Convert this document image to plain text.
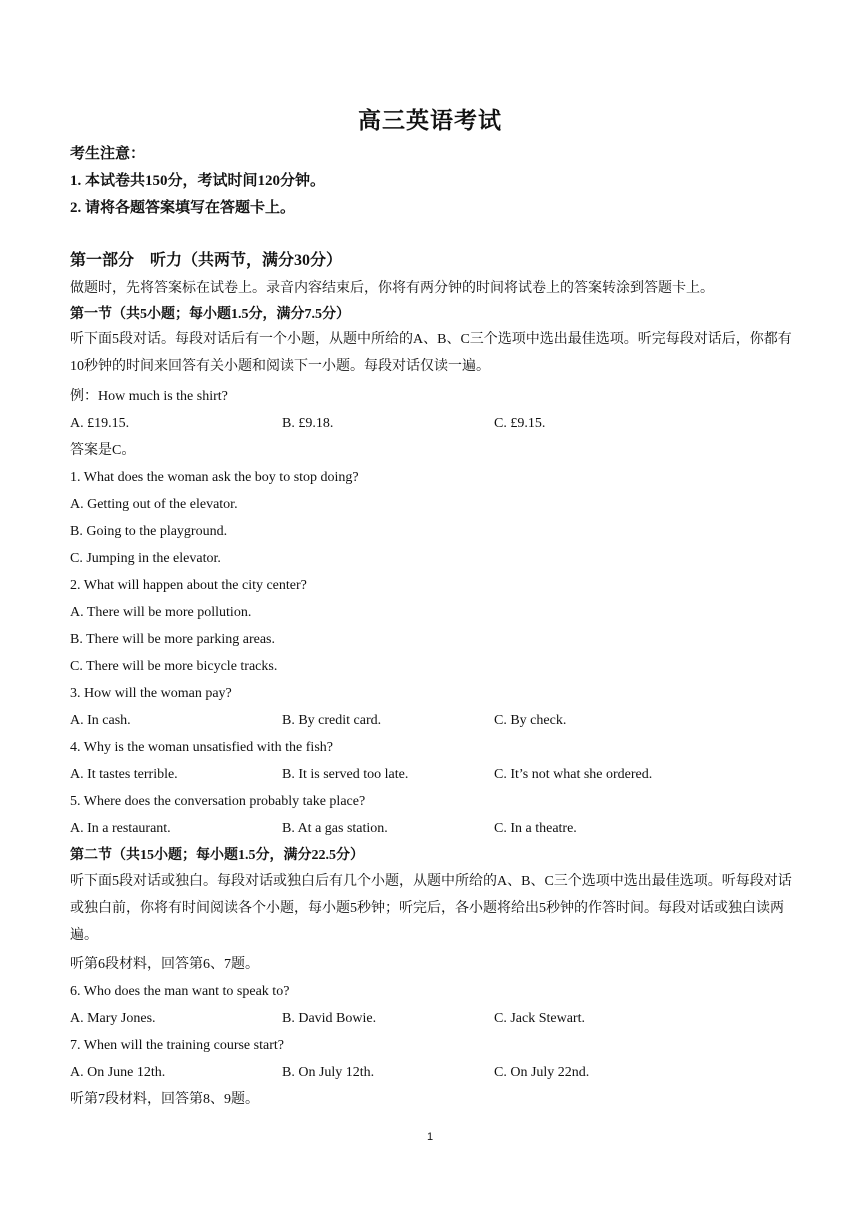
高三英语考试
考生注意：
1. 本试卷共150分，考试时间120分钟。
2. 请将各题答案填写在答题卡上。
第一部分　听力（共两节，满分30分）
做题时，先将答案标在试卷上。录音内容结束后，你将有两分钟的时间将试卷上的答案转涂到答题卡上。
第一节（共5小题；每小题1.5分，满分7.5分）
听下面5段对话。每段对话后有一个小题，从题中所给的A、B、C三个选项中选出最佳选项。听完每段对话后，你都有10秒钟的时间来回答有关小题和阅读下一小题。每段对话仅读一遍。
例：How much is the shirt?
A. £19.15.	B. £9.18.	C. £9.15.
答案是C。
1. What does the woman ask the boy to stop doing?
A. Getting out of the elevator.
B. Going to the playground.
C. Jumping in the elevator.
2. What will happen about the city center?
A. There will be more pollution.
B. There will be more parking areas.
C. There will be more bicycle tracks.
3. How will the woman pay?
A. In cash.	B. By credit card.	C. By check.
4. Why is the woman unsatisfied with the fish?
A. It tastes terrible.	B. It is served too late.	C. It’s not what she ordered.
5. Where does the conversation probably take place?
A. In a restaurant.	B. At a gas station.	C. In a theatre.
第二节（共15小题；每小题1.5分，满分22.5分）
听下面5段对话或独白。每段对话或独白后有几个小题，从题中所给的A、B、C三个选项中选出最佳选项。听每段对话或独白前，你将有时间阅读各个小题，每小题5秒钟；听完后，各小题将给出5秒钟的作答时间。每段对话或独白读两遍。
听第6段材料，回答第6、7题。
6. Who does the man want to speak to?
A. Mary Jones.	B. David Bowie.	C. Jack Stewart.
7. When will the training course start?
A. On June 12th.	B. On July 12th.	C. On July 22nd.
听第7段材料，回答第8、9题。
1
